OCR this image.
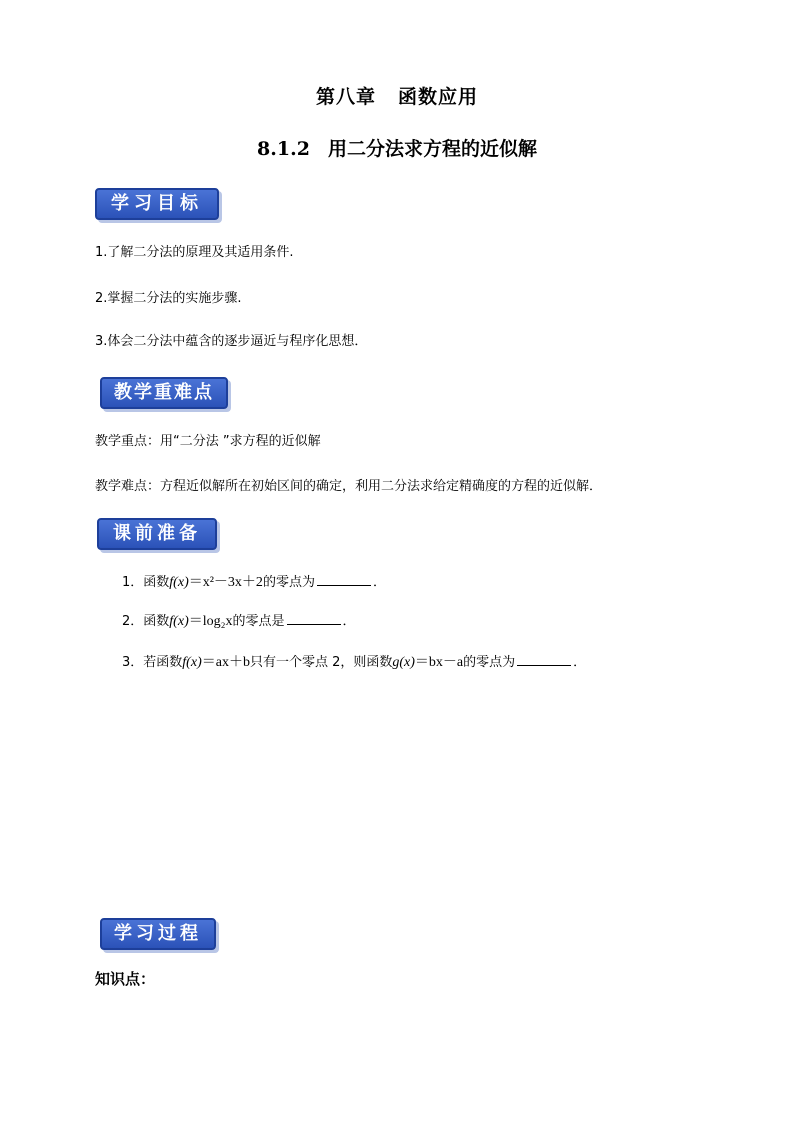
第八章 函数应用
8.1.2 用二分法求方程的近似解
学习目标
1.了解二分法的原理及其适用条件.
2.掌握二分法的实施步骤.
3.体会二分法中蕴含的逐步逼近与程序化思想．
教学重难点
教学重点：用“二分法 ”求方程的近似解
教学难点：方程近似解所在初始区间的确定，利用二分法求给定精确度的方程的近似解．
课前准备
1．函数f(x)＝x²－3x＋2的零点为	．
2．函数f(x)＝log₂x的零点是	．
3．若函数f(x)＝ax＋b只有一个零点 2，则函数g(x)＝bx－a的零点为	．
学习过程
知识点：
